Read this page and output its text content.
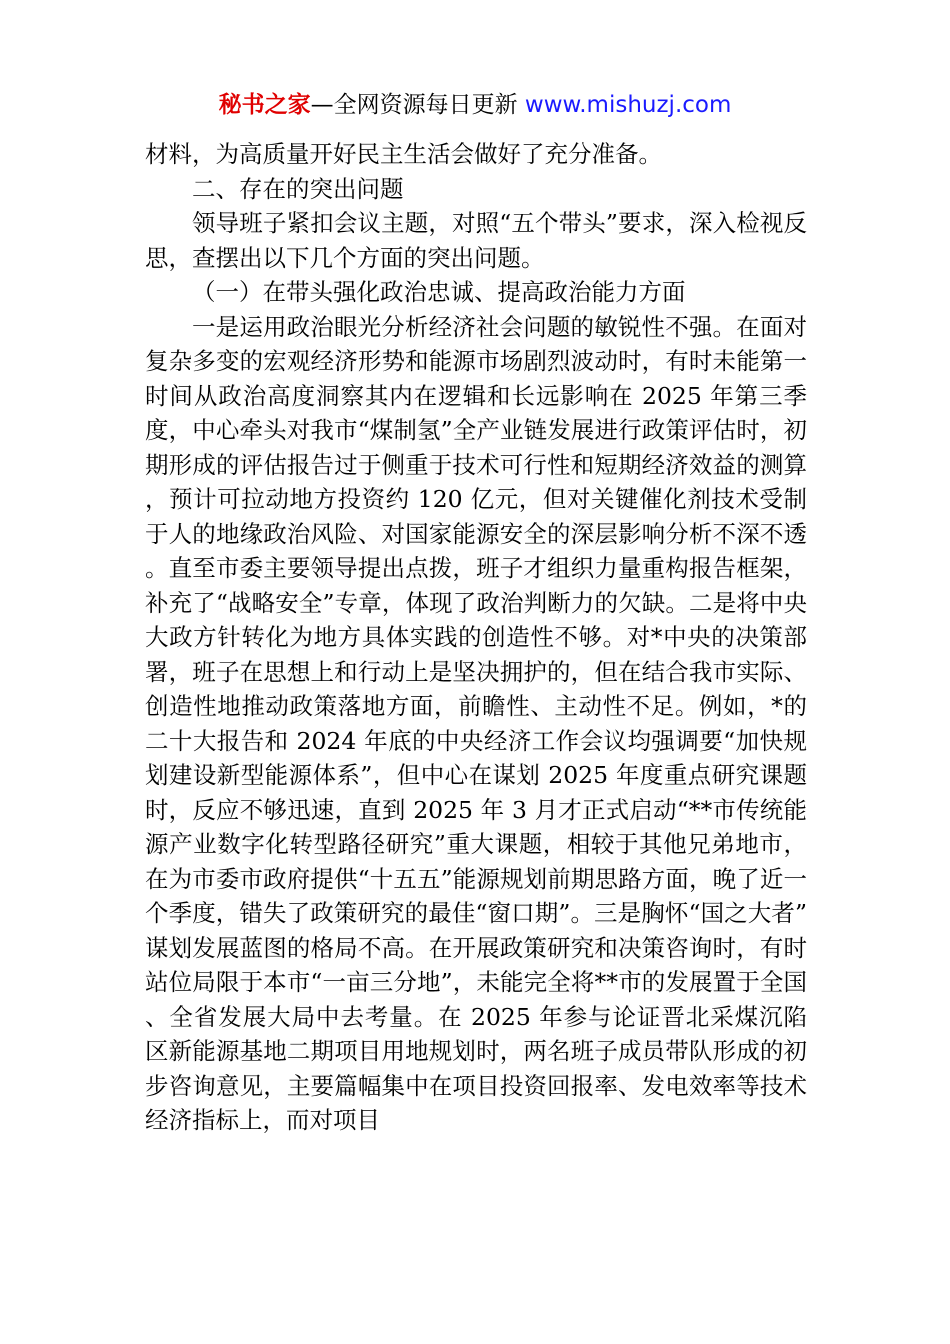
秘书之家—全网资源每日更新 www.mishuzj.com

材料，为高质量开好民主生活会做好了充分准备。

二、存在的突出问题

领导班子紧扣会议主题，对照“五个带头”要求，深入检视反思，查摆出以下几个方面的突出问题。

（一）在带头强化政治忠诚、提高政治能力方面

一是运用政治眼光分析经济社会问题的敏锐性不强。在面对复杂多变的宏观经济形势和能源市场剧烈波动时，有时未能第一时间从政治高度洞察其内在逻辑和长远影响在 2025 年第三季度，中心牵头对我市“煤制氢”全产业链发展进行政策评估时，初期形成的评估报告过于侧重于技术可行性和短期经济效益的测算，预计可拉动地方投资约 120 亿元，但对关键催化剂技术受制于人的地缘政治风险、对国家能源安全的深层影响分析不深不透。直至市委主要领导提出点拨，班子才组织力量重构报告框架，补充了“战略安全”专章，体现了政治判断力的欠缺。二是将中央大政方针转化为地方具体实践的创造性不够。对*中央的决策部署，班子在思想上和行动上是坚决拥护的，但在结合我市实际、创造性地推动政策落地方面，前瞻性、主动性不足。例如，*的二十大报告和 2024 年底的中央经济工作会议均强调要“加快规划建设新型能源体系”，但中心在谋划 2025 年度重点研究课题时，反应不够迅速，直到 2025 年 3 月才正式启动“**市传统能源产业数字化转型路径研究”重大课题，相较于其他兄弟地市，在为市委市政府提供“十五五”能源规划前期思路方面，晚了近一个季度，错失了政策研究的最佳“窗口期”。三是胸怀“国之大者”谋划发展蓝图的格局不高。在开展政策研究和决策咨询时，有时站位局限于本市“一亩三分地”，未能完全将**市的发展置于全国、全省发展大局中去考量。在 2025 年参与论证晋北采煤沉陷区新能源基地二期项目用地规划时，两名班子成员带队形成的初步咨询意见，主要篇幅集中在项目投资回报率、发电效率等技术经济指标上，而对项目
